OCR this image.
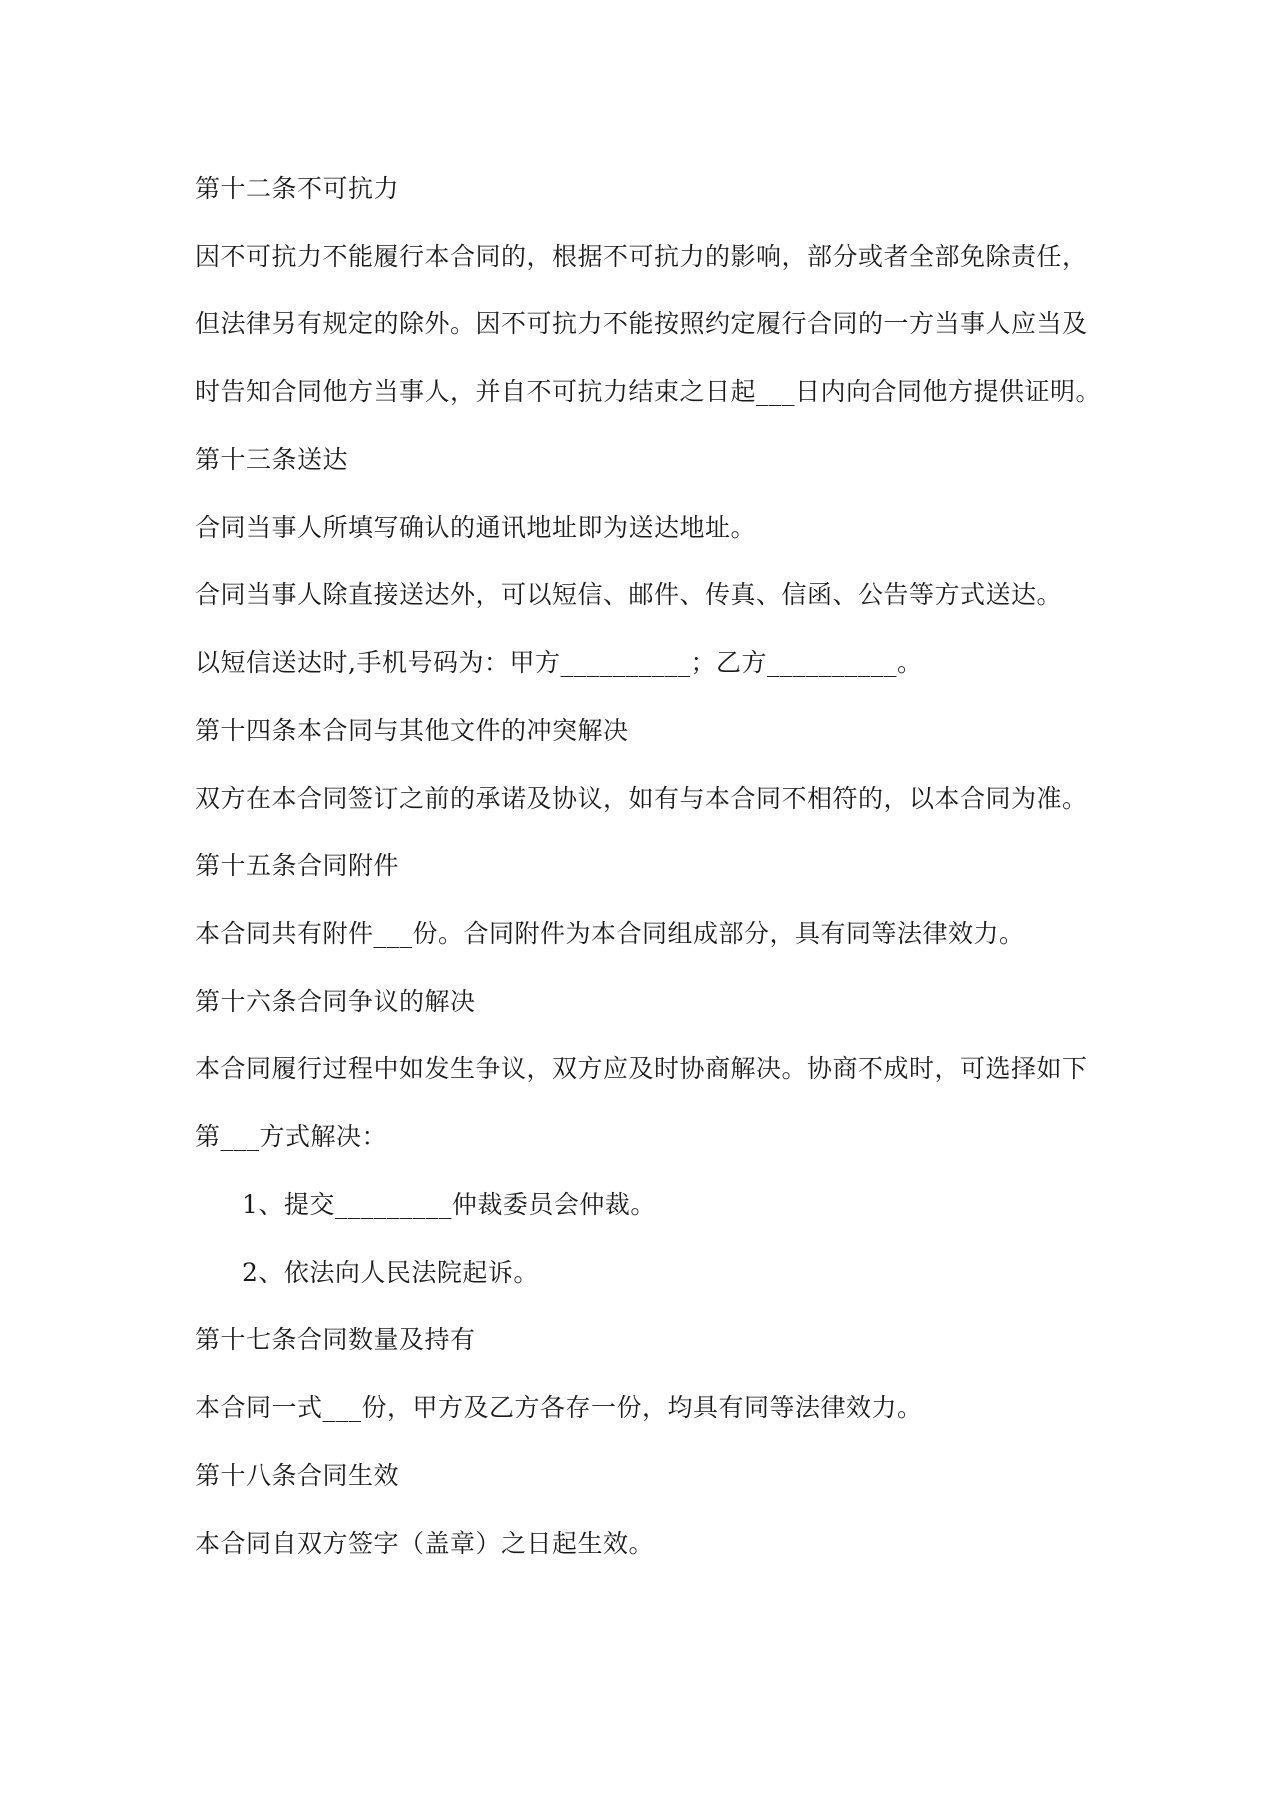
第十二条不可抗力
因不可抗力不能履行本合同的，根据不可抗力的影响，部分或者全部免除责任，
但法律另有规定的除外。因不可抗力不能按照约定履行合同的一方当事人应当及
时告知合同他方当事人，并自不可抗力结束之日起___日内向合同他方提供证明。
第十三条送达
合同当事人所填写确认的通讯地址即为送达地址。
合同当事人除直接送达外，可以短信、邮件、传真、信函、公告等方式送达。
以短信送达时,手机号码为：甲方__________；乙方__________。
第十四条本合同与其他文件的冲突解决
双方在本合同签订之前的承诺及协议，如有与本合同不相符的，以本合同为准。
第十五条合同附件
本合同共有附件___份。合同附件为本合同组成部分，具有同等法律效力。
第十六条合同争议的解决
本合同履行过程中如发生争议，双方应及时协商解决。协商不成时，可选择如下
第___方式解决：
1、提交_________仲裁委员会仲裁。
2、依法向人民法院起诉。
第十七条合同数量及持有
本合同一式___份，甲方及乙方各存一份，均具有同等法律效力。
第十八条合同生效
本合同自双方签字（盖章）之日起生效。
